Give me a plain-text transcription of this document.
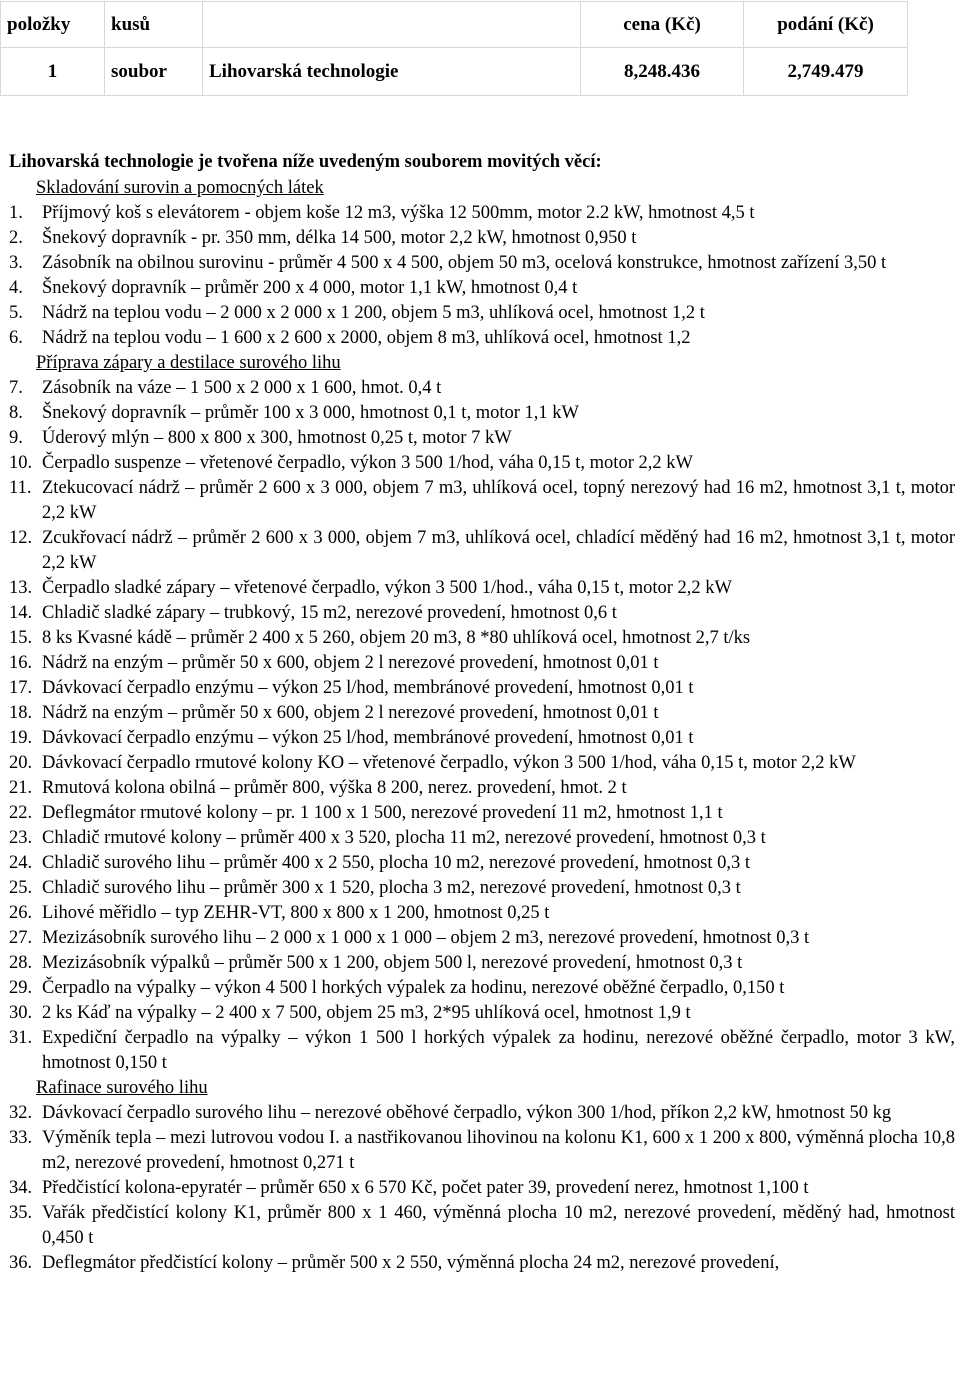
položky	kusů		cena (Kč)	podání (Kč)
1	soubor	Lihovarská technologie	8,248.436	2,749.479
Lihovarská technologie je tvořena níže uvedeným souborem movitých věcí:
Skladování surovin a pomocných látek
1. Příjmový koš s elevátorem - objem koše 12 m3, výška 12 500mm, motor 2.2 kW, hmotnost 4,5 t
2. Šnekový dopravník - pr. 350 mm, délka 14 500, motor 2,2 kW, hmotnost 0,950 t
3. Zásobník na obilnou surovinu - průměr 4 500 x 4 500, objem 50 m3, ocelová konstrukce, hmotnost zařízení 3,50 t
4. Šnekový dopravník – průměr 200 x 4 000, motor 1,1 kW, hmotnost 0,4 t
5. Nádrž na teplou vodu – 2 000 x 2 000 x 1 200, objem 5 m3, uhlíková ocel, hmotnost 1,2 t
6. Nádrž na teplou vodu – 1 600 x 2 600 x 2000, objem 8 m3, uhlíková ocel, hmotnost 1,2
Příprava zápary a destilace surového lihu
7. Zásobník na váze – 1 500 x 2 000 x 1 600, hmot. 0,4 t
8. Šnekový dopravník – průměr 100 x 3 000, hmotnost 0,1 t, motor 1,1 kW
9. Úderový mlýn – 800 x 800 x 300, hmotnost 0,25 t, motor 7 kW
10. Čerpadlo suspenze – vřetenové čerpadlo, výkon 3 500 1/hod, váha 0,15 t, motor 2,2 kW
11. Ztekucovací nádrž – průměr 2 600 x 3 000, objem 7 m3, uhlíková ocel, topný nerezový had 16 m2, hmotnost 3,1 t, motor 2,2 kW
12. Zcukřovací nádrž – průměr 2 600 x 3 000, objem 7 m3, uhlíková ocel, chladící měděný had 16 m2, hmotnost 3,1 t, motor 2,2 kW
13. Čerpadlo sladké zápary – vřetenové čerpadlo, výkon 3 500 1/hod., váha 0,15 t, motor 2,2 kW
14. Chladič sladké zápary – trubkový, 15 m2, nerezové provedení, hmotnost 0,6 t
15. 8 ks Kvasné kádě – průměr 2 400 x 5 260, objem 20 m3, 8 *80 uhlíková ocel, hmotnost 2,7 t/ks
16. Nádrž na enzým – průměr 50 x 600, objem 2 l nerezové provedení, hmotnost 0,01 t
17. Dávkovací čerpadlo enzýmu – výkon 25 l/hod, membránové provedení, hmotnost 0,01 t
18. Nádrž na enzým – průměr 50 x 600, objem 2 l nerezové provedení, hmotnost 0,01 t
19. Dávkovací čerpadlo enzýmu – výkon 25 l/hod, membránové provedení, hmotnost 0,01 t
20. Dávkovací čerpadlo rmutové kolony KO – vřetenové čerpadlo, výkon 3 500 1/hod, váha 0,15 t, motor 2,2 kW
21. Rmutová kolona obilná – průměr 800, výška 8 200, nerez. provedení, hmot. 2 t
22. Deflegmátor rmutové kolony – pr. 1 100 x 1 500, nerezové provedení 11 m2, hmotnost 1,1 t
23. Chladič rmutové kolony – průměr 400 x 3 520, plocha 11 m2, nerezové provedení, hmotnost 0,3 t
24. Chladič surového lihu – průměr 400 x 2 550, plocha 10 m2, nerezové provedení, hmotnost 0,3 t
25. Chladič surového lihu – průměr 300 x 1 520, plocha 3 m2, nerezové provedení, hmotnost 0,3 t
26. Lihové měřidlo – typ ZEHR-VT, 800 x 800 x 1 200, hmotnost 0,25 t
27. Mezizásobník surového lihu – 2 000 x 1 000 x 1 000 – objem 2 m3, nerezové provedení, hmotnost 0,3 t
28. Mezizásobník výpalků – průměr 500 x 1 200, objem 500 l, nerezové provedení, hmotnost 0,3 t
29. Čerpadlo na výpalky – výkon 4 500 l horkých výpalek za hodinu, nerezové oběžné čerpadlo, 0,150 t
30. 2 ks Káď na výpalky – 2 400 x 7 500, objem 25 m3, 2*95 uhlíková ocel, hmotnost 1,9 t
31. Expediční čerpadlo na výpalky – výkon 1 500 l horkých výpalek za hodinu, nerezové oběžné čerpadlo, motor 3 kW, hmotnost 0,150 t
Rafinace surového lihu
32. Dávkovací čerpadlo surového lihu – nerezové oběhové čerpadlo, výkon 300 1/hod, příkon 2,2 kW, hmotnost 50 kg
33. Výměník tepla – mezi lutrovou vodou I. a nastřikovanou lihovinou na kolonu K1, 600 x 1 200 x 800, výměnná plocha 10,8 m2, nerezové provedení, hmotnost 0,271 t
34. Předčistící kolona-epyratér – průměr 650 x 6 570 Kč, počet pater 39, provedení nerez, hmotnost 1,100 t
35. Vařák předčistící kolony K1, průměr 800 x 1 460, výměnná plocha 10 m2, nerezové provedení, měděný had, hmotnost 0,450 t
36. Deflegmátor předčistící kolony – průměr 500 x 2 550, výměnná plocha 24 m2, nerezové provedení,
